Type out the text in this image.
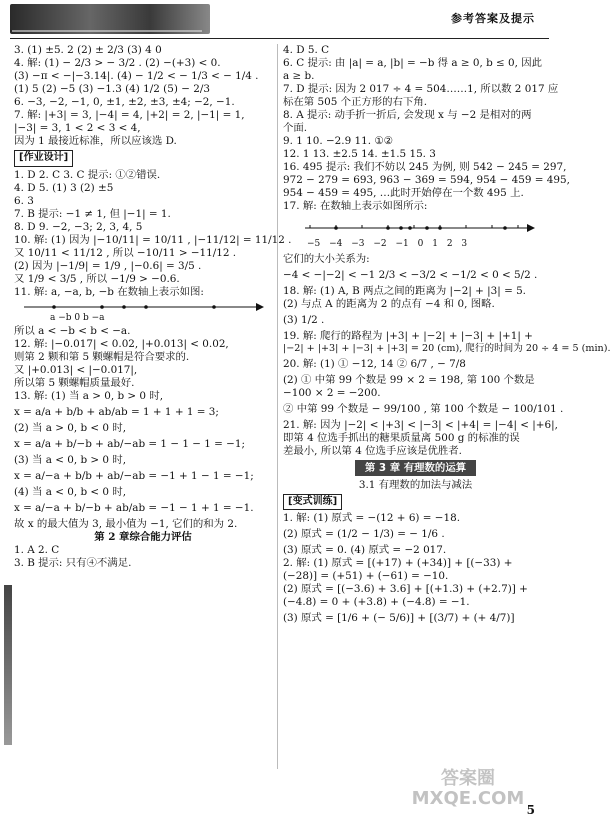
参考答案及提示
3. (1) ±5. 2 (2) ± 2/3 (3) 4 0
4. 解: (1) − 2/3 > − 3/2 . (2) −(+3) < 0.
(3) −π < −|−3.14|. (4) − 1/2 < − 1/3 < − 1/4 .
(1) 5 (2) −5 (3) −1.3 (4) 1/2 (5) − 2/3
6. −3, −2, −1, 0, ±1, ±2, ±3, ±4; −2, −1.
7. 解: |+3| = 3, |−4| = 4, |+2| = 2, |−1| = 1,
|−3| = 3, 1 < 2 < 3 < 4,
因为 1 最接近标准，所以应该选 D.
[作业设计]
1. D 2. C 3. C 提示: ①②错误.
4. D 5. (1) 3 (2) ±5
6. 3
7. B 提示: −1 ≠ 1, 但 |−1| = 1.
8. D 9. −2, −3; 2, 3, 4, 5
10. 解: (1) 因为 |−10/11| = 10/11 , |−11/12| = 11/12 .
又 10/11 < 11/12 , 所以 −10/11 > −11/12 .
(2) 因为 |−1/9| = 1/9 , |−0.6| = 3/5 .
又 1/9 < 3/5 , 所以 −1/9 > −0.6.
11. 解: a, −a, b, −b 在数轴上表示如图:
a −b 0 b −a
所以 a < −b < b < −a.
12. 解: |−0.017| < 0.02, |+0.013| < 0.02,
则第 2 颗和第 5 颗螺帽是符合要求的.
又 |+0.013| < |−0.017|,
所以第 5 颗螺帽质量最好.
13. 解: (1) 当 a > 0, b > 0 时,
x = a/a + b/b + ab/ab = 1 + 1 + 1 = 3;
(2) 当 a > 0, b < 0 时,
x = a/a + b/−b + ab/−ab = 1 − 1 − 1 = −1;
(3) 当 a < 0, b > 0 时,
x = a/−a + b/b + ab/−ab = −1 + 1 − 1 = −1;
(4) 当 a < 0, b < 0 时,
x = a/−a + b/−b + ab/ab = −1 − 1 + 1 = −1.
故 x 的最大值为 3, 最小值为 −1, 它们的和为 2.
第 2 章综合能力评估
1. A 2. C
3. B 提示: 只有④不满足.
4. D 5. C
6. C 提示: 由 |a| = a, |b| = −b 得 a ≥ 0, b ≤ 0, 因此
a ≥ b.
7. D 提示: 因为 2 017 ÷ 4 = 504……1, 所以数 2 017 应
标在第 505 个正方形的右下角.
8. A 提示: 动手折一折后, 会发现 x 与 −2 是相对的两
个面.
9. 1 10. −2.9 11. ①②
12. 1 13. ±2.5 14. ±1.5 15. 3
16. 495 提示: 我们不妨以 245 为例, 则 542 − 245 = 297,
972 − 279 = 693, 963 − 369 = 594, 954 − 459 = 495,
954 − 459 = 495, …此时开始停在一个数 495 上.
17. 解: 在数轴上表示如图所示:
−5 −4 −3 −2 −1 0 1 2 3
它们的大小关系为:
−4 < −|−2| < −1 2/3 < −3/2 < −1/2 < 0 < 5/2 .
18. 解: (1) A, B 两点之间的距离为 |−2| + |3| = 5.
(2) 与点 A 的距离为 2 的点有 −4 和 0, 图略.
(3) 1/2 .
19. 解: 爬行的路程为 |+3| + |−2| + |−3| + |+1| +
|−2| + |+3| + |−3| + |+3| = 20 (cm), 爬行的时间为 20 ÷ 4 = 5 (min).
20. 解: (1) ① −12, 14 ② 6/7 , − 7/8
(2) ① 中第 99 个数是 99 × 2 = 198, 第 100 个数是
−100 × 2 = −200.
② 中第 99 个数是 − 99/100 , 第 100 个数是 − 100/101 .
21. 解: 因为 |−2| < |+3| < |−3| < |+4| = |−4| < |+6|,
即第 4 位选手抓出的糖果质量离 500 g 的标准的误
差最小, 所以第 4 位选手应该是优胜者.
第 3 章 有理数的运算
3.1 有理数的加法与减法
[变式训练]
1. 解: (1) 原式 = −(12 + 6) = −18.
(2) 原式 = (1/2 − 1/3) = − 1/6 .
(3) 原式 = 0. (4) 原式 = −2 017.
2. 解: (1) 原式 = [(+17) + (+34)] + [(−33) +
(−28)] = (+51) + (−61) = −10.
(2) 原式 = [(−3.6) + 3.6] + [(+1.3) + (+2.7)] +
(−4.8) = 0 + (+3.8) + (−4.8) = −1.
(3) 原式 = [1/6 + (− 5/6)] + [(3/7) + (+ 4/7)]
答案圈 MXQE.COM
5
